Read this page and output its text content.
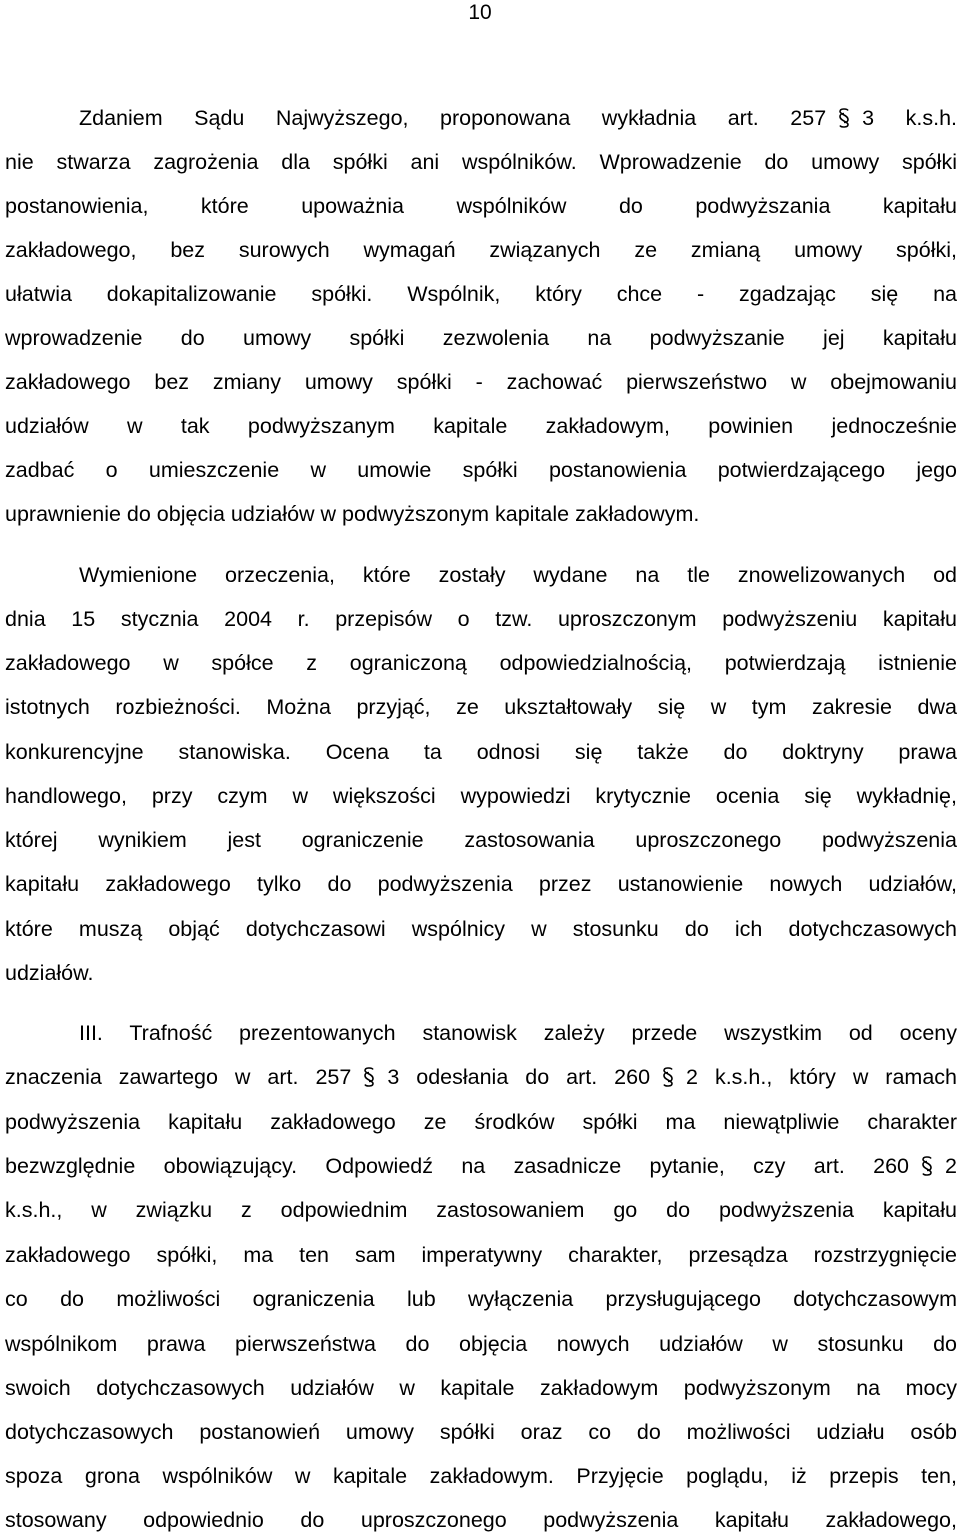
10
Zdaniem Sądu Najwyższego, proponowana wykładnia art. 257 3 k.s.h.
nie stwarza zagrożenia dla spółki ani wspólników. Wprowadzenie do umowy spółki
postanowienia, które upoważnia wspólników do podwyższania kapitału
zakładowego, bez surowych wymagań związanych ze zmianą umowy spółki,
ułatwia dokapitalizowanie spółki. Wspólnik, który chce - zgadzając się na
wprowadzenie do umowy spółki zezwolenia na podwyższanie jej kapitału
zakładowego bez zmiany umowy spółki - zachować pierwszeństwo w obejmowaniu
udziałów w tak podwyższanym kapitale zakładowym, powinien jednocześnie
zadbać o umieszczenie w umowie spółki postanowienia potwierdzającego jego
uprawnienie do objęcia udziałów w podwyższonym kapitale zakładowym.
Wymienione orzeczenia, które zostały wydane na tle znowelizowanych od
dnia 15 stycznia 2004 r. przepisów o tzw. uproszczonym podwyższeniu kapitału
zakładowego w spółce z ograniczoną odpowiedzialnością, potwierdzają istnienie
istotnych rozbieżności. Można przyjąć, ze ukształtowały się w tym zakresie dwa
konkurencyjne stanowiska. Ocena ta odnosi się także do doktryny prawa
handlowego, przy czym w większości wypowiedzi krytycznie ocenia się wykładnię,
której wynikiem jest ograniczenie zastosowania uproszczonego podwyższenia
kapitału zakładowego tylko do podwyższenia przez ustanowienie nowych udziałów,
które muszą objąć dotychczasowi wspólnicy w stosunku do ich dotychczasowych
udziałów.
III. Trafność prezentowanych stanowisk zależy przede wszystkim od oceny
znaczenia zawartego w art. 257 3 odesłania do art. 260 2 k.s.h., który w ramach
podwyższenia kapitału zakładowego ze środków spółki ma niewątpliwie charakter
bezwzględnie obowiązujący. Odpowiedź na zasadnicze pytanie, czy art. 260 2
k.s.h., w związku z odpowiednim zastosowaniem go do podwyższenia kapitału
zakładowego spółki, ma ten sam imperatywny charakter, przesądza rozstrzygnięcie
co do możliwości ograniczenia lub wyłączenia przysługującego dotychczasowym
wspólnikom prawa pierwszeństwa do objęcia nowych udziałów w stosunku do
swoich dotychczasowych udziałów w kapitale zakładowym podwyższonym na mocy
dotychczasowych postanowień umowy spółki oraz co do możliwości udziału osób
spoza grona wspólników w kapitale zakładowym. Przyjęcie poglądu, iż przepis ten,
stosowany odpowiednio do uproszczonego podwyższenia kapitału zakładowego,
